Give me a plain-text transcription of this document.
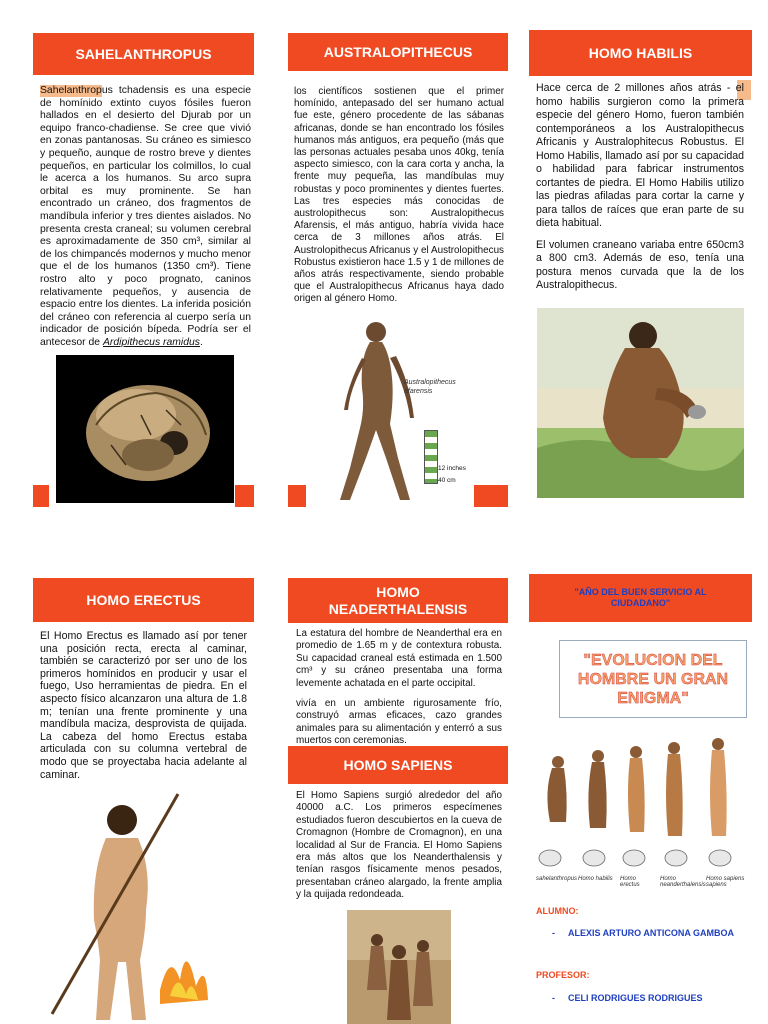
SAHELANTHROPUS
Sahelanthropus tchadensis es una especie de homínido extinto cuyos fósiles fueron hallados en el desierto del Djurab por un equipo franco-chadiense. Se cree que vivió en zonas pantanosas. Su cráneo es simiesco y pequeño, aunque de rostro breve y dientes pequeños, en particular los colmillos, lo cual le acerca a los humanos. Su arco supra orbital es muy prominente. Se han encontrado un cráneo, dos fragmentos de mandíbula inferior y tres dientes aislados. No presenta cresta craneal; su volumen cerebral es aproximadamente de 350 cm³, similar al de los chimpancés modernos y mucho menor que el de los humanos (1350 cm³). Tiene rostro alto y poco prognato, caninos relativamente pequeños, y ausencia de espacio entre los dientes. La inferida posición del cráneo con referencia al cuerpo sería un indicador de posición bípeda. Podría ser el antecesor de Ardipithecus ramidus.
AUSTRALOPITHECUS
los científicos sostienen que el primer homínido, antepasado del ser humano actual fue este, género procedente de las sábanas africanas, donde se han encontrado los fósiles humanos más antiguos, era pequeño (más que las personas actuales pesaba unos 40kg, tenía aspecto simiesco, con la cara corta y ancha, la frente muy pequeña, las mandíbulas muy robustas y poco prominentes y dientes fuertes. Las tres especies más conocidas de austrolopithecus son: Australopithecus Afarensis, el más antiguo, habría vivida hace cerca de 3 millones años atrás. El Austrolopithecus Africanus y el Austrolopithecus Robustus existieron hace 1.5 y 1 de millones de años atrás respectivamente, siendo probable que el Australopithecus Africanus haya dado origen al género Homo.
Australopithecus afarensis
12 inches
40 cm
HOMO HABILIS

Hace cerca de 2 millones años atrás - el homo habilis surgieron como la primera especie del género Homo, fueron también contemporáneos a los Australopithecus Africanis y Australophitecus Robustus. El Homo Habilis, llamado así por su capacidad o habilidad para fabricar instrumentos cortantes de piedra. El Homo Habilis utilizo las piedras afiladas para cortar la carne y para tallos de raíces que eran parte de su dieta habitual.

El volumen craneano variaba entre 650cm3 a 800 cm3. Además de eso, tenía una postura menos curvada que la de los Australopithecus.

HOMO ERECTUS
El Homo Erectus es llamado así por tener una posición recta, erecta al caminar, también se caracterizó por ser uno de los primeros homínidos en producir y usar el fuego, Uso herramientas de piedra. En el aspecto físico alcanzaron una altura de 1.8 m; tenían una frente prominente y una mandíbula maciza, desprovista de quijada. La cabeza del homo Erectus estaba articulada con su columna vertebral de modo que se proyectaba hacia adelante al caminar.
HOMO
NEADERTHALENSIS

La estatura del hombre de Neanderthal era en promedio de 1.65 m y de contextura robusta. Su capacidad craneal está estimada en 1.500 cm³ y su cráneo presentaba una forma levemente achatada en el parte occipital.

vivía en un ambiente rigurosamente frío, construyó armas eficaces, cazo grandes animales para su alimentación y enterró a sus muertos con ceremonias.

HOMO SAPIENS
El Homo Sapiens surgió alrededor del año 40000 a.C. Los primeros especímenes estudiados fueron descubiertos en la cueva de Cromagnon (Hombre de Cromagnon), en una localidad al Sur de Francia. El Homo Sapiens era más altos que los Neanderthalensis y tenían rasgos físicamente menos pesados, presentaban cráneo alargado, la frente amplia y la quijada redondeada.
"AÑO DEL BUEN SERVICIO AL CIUDADANO"
"EVOLUCION DEL HOMBRE UN GRAN ENIGMA"
sahelanthropus Homo habilis Homo erectus
Homo neanderthalensis
Homo sapiens sapiens
ALUMNO:
- ALEXIS ARTURO ANTICONA GAMBOA
PROFESOR:
- CELI RODRIGUES RODRIGUES
